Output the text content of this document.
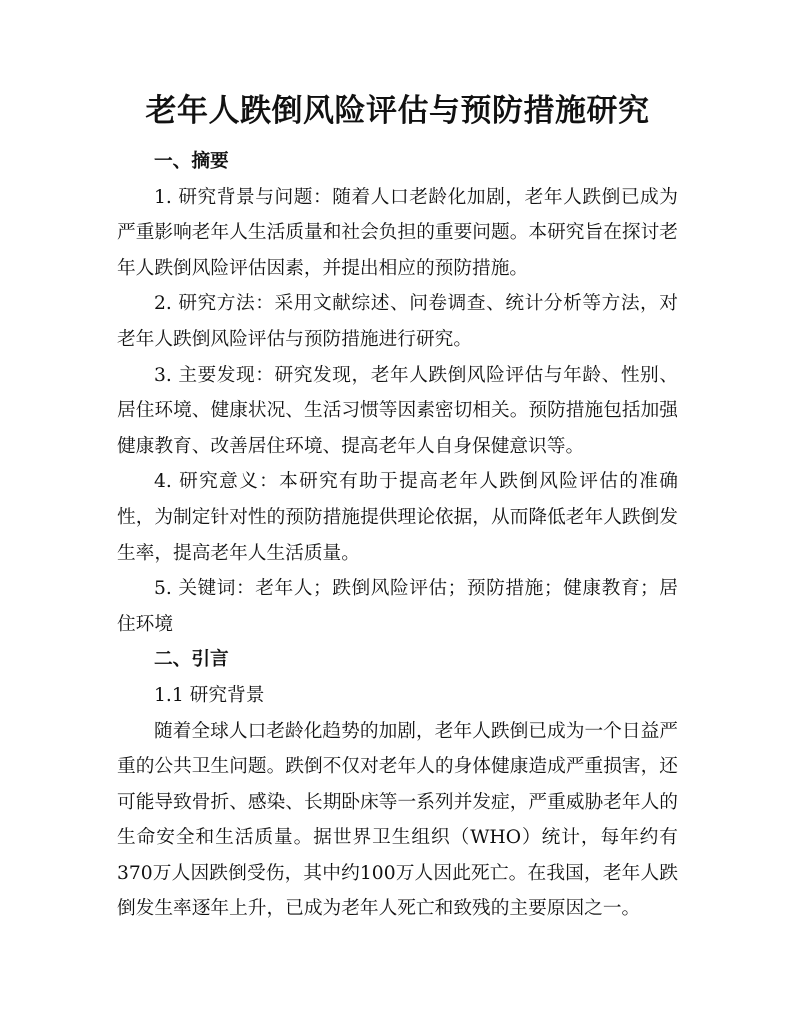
老年人跌倒风险评估与预防措施研究

一、摘要

1. 研究背景与问题：随着人口老龄化加剧，老年人跌倒已成为严重影响老年人生活质量和社会负担的重要问题。本研究旨在探讨老年人跌倒风险评估因素，并提出相应的预防措施。

2. 研究方法：采用文献综述、问卷调查、统计分析等方法，对老年人跌倒风险评估与预防措施进行研究。

3. 主要发现：研究发现，老年人跌倒风险评估与年龄、性别、居住环境、健康状况、生活习惯等因素密切相关。预防措施包括加强健康教育、改善居住环境、提高老年人自身保健意识等。

4. 研究意义：本研究有助于提高老年人跌倒风险评估的准确性，为制定针对性的预防措施提供理论依据，从而降低老年人跌倒发生率，提高老年人生活质量。

5. 关键词：老年人；跌倒风险评估；预防措施；健康教育；居住环境

二、引言

1.1 研究背景

随着全球人口老龄化趋势的加剧，老年人跌倒已成为一个日益严重的公共卫生问题。跌倒不仅对老年人的身体健康造成严重损害，还可能导致骨折、感染、长期卧床等一系列并发症，严重威胁老年人的生命安全和生活质量。据世界卫生组织（WHO）统计，每年约有370万人因跌倒受伤，其中约100万人因此死亡。在我国，老年人跌倒发生率逐年上升，已成为老年人死亡和致残的主要原因之一。
